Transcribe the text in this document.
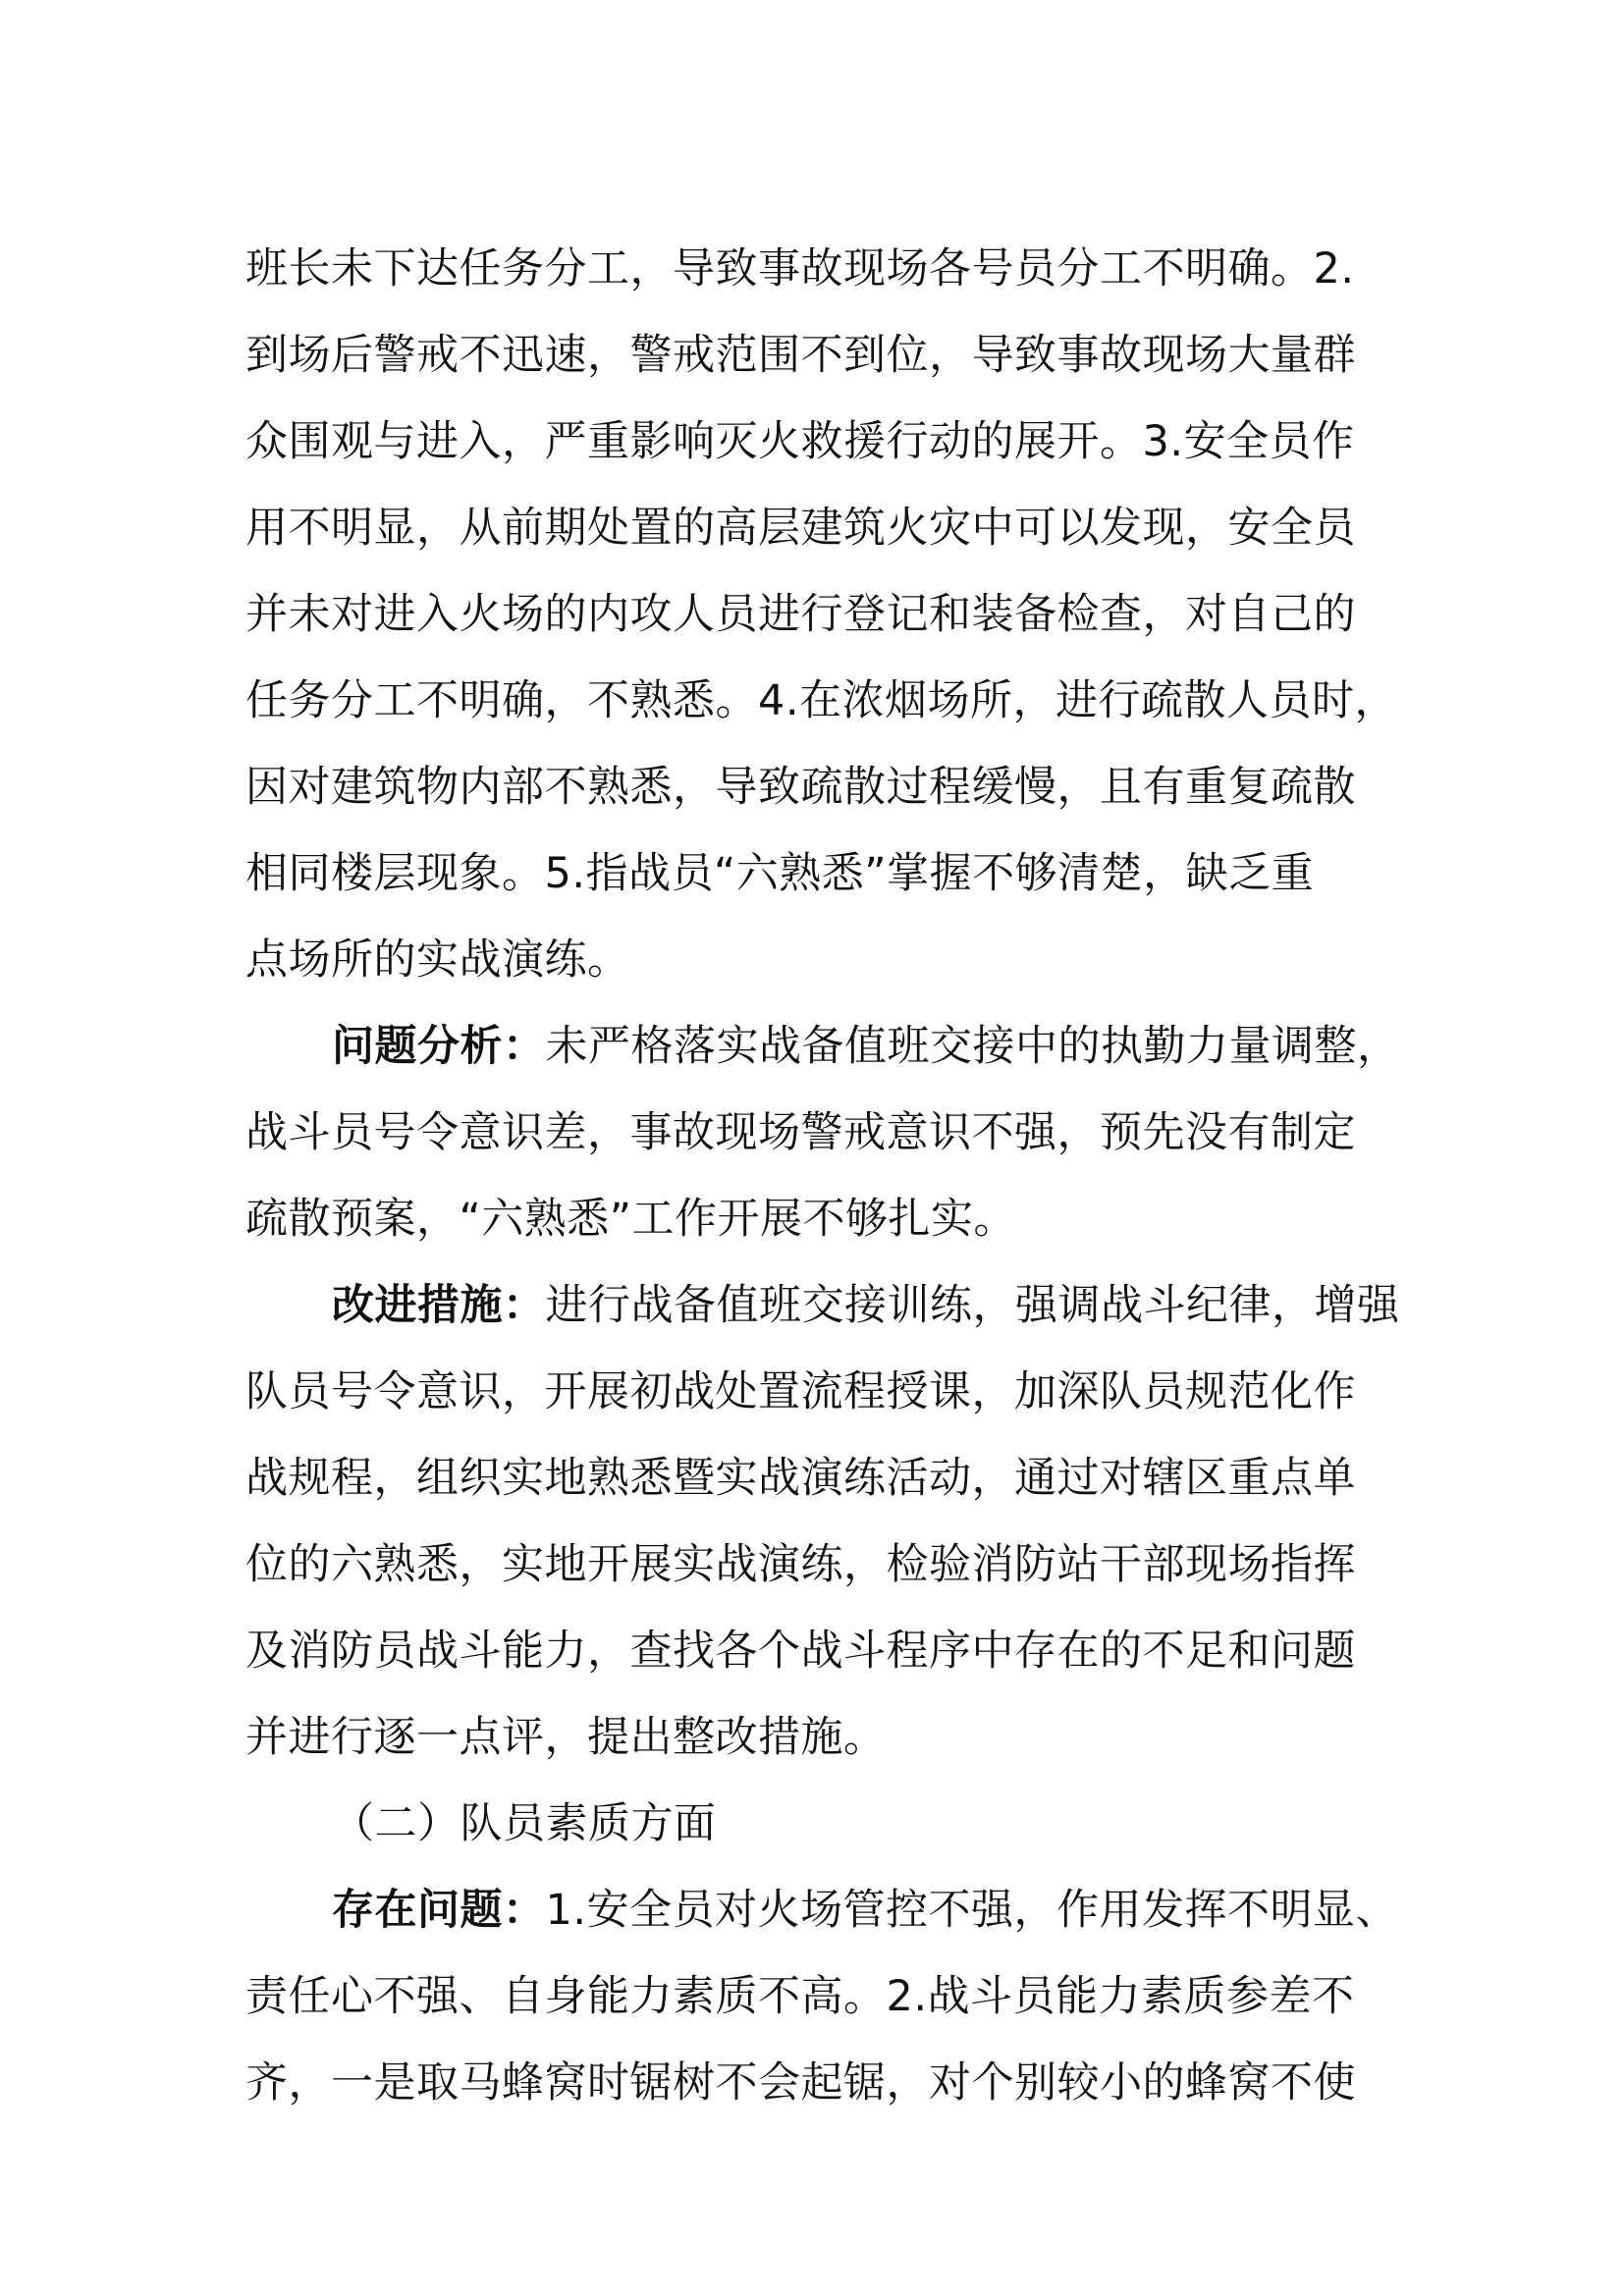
班长未下达任务分工，导致事故现场各号员分工不明确。2.
到场后警戒不迅速，警戒范围不到位，导致事故现场大量群
众围观与进入，严重影响灭火救援行动的展开。3.安全员作
用不明显，从前期处置的高层建筑火灾中可以发现，安全员
并未对进入火场的内攻人员进行登记和装备检查，对自己的
任务分工不明确，不熟悉。4.在浓烟场所，进行疏散人员时，
因对建筑物内部不熟悉，导致疏散过程缓慢，且有重复疏散
相同楼层现象。5.指战员“六熟悉”掌握不够清楚，缺乏重
点场所的实战演练。
问题分析：未严格落实战备值班交接中的执勤力量调整，
战斗员号令意识差，事故现场警戒意识不强，预先没有制定
疏散预案，“六熟悉”工作开展不够扎实。
改进措施：进行战备值班交接训练，强调战斗纪律，增强
队员号令意识，开展初战处置流程授课，加深队员规范化作
战规程，组织实地熟悉暨实战演练活动，通过对辖区重点单
位的六熟悉，实地开展实战演练，检验消防站干部现场指挥
及消防员战斗能力，查找各个战斗程序中存在的不足和问题
并进行逐一点评，提出整改措施。
（二）队员素质方面
存在问题：1.安全员对火场管控不强，作用发挥不明显、
责任心不强、自身能力素质不高。2.战斗员能力素质参差不
齐，一是取马蜂窝时锯树不会起锯，对个别较小的蜂窝不使
